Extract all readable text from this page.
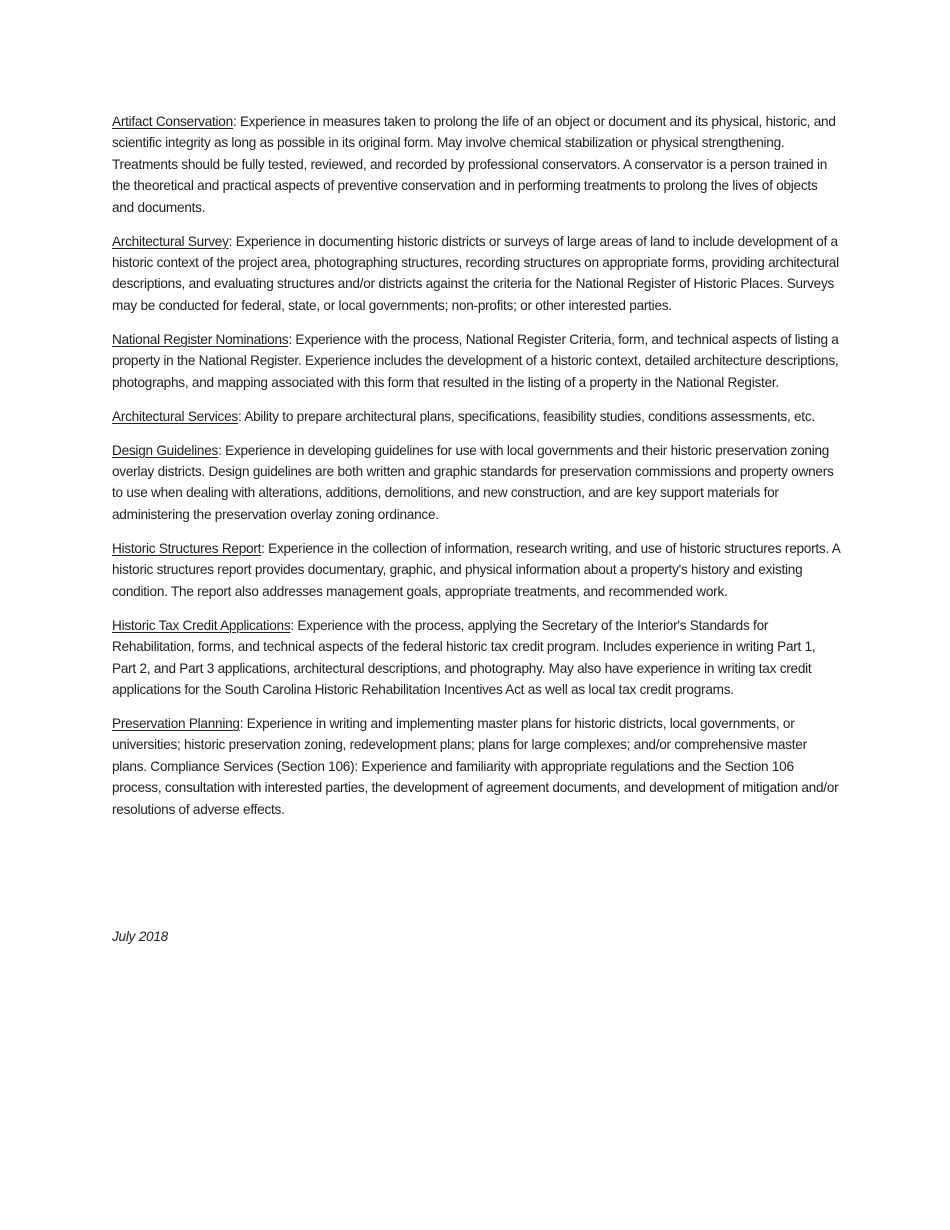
Artifact Conservation: Experience in measures taken to prolong the life of an object or document and its physical, historic, and scientific integrity as long as possible in its original form. May involve chemical stabilization or physical strengthening. Treatments should be fully tested, reviewed, and recorded by professional conservators. A conservator is a person trained in the theoretical and practical aspects of preventive conservation and in performing treatments to prolong the lives of objects and documents.

Architectural Survey: Experience in documenting historic districts or surveys of large areas of land to include development of a historic context of the project area, photographing structures, recording structures on appropriate forms, providing architectural descriptions, and evaluating structures and/or districts against the criteria for the National Register of Historic Places. Surveys may be conducted for federal, state, or local governments; non-profits; or other interested parties.

National Register Nominations: Experience with the process, National Register Criteria, form, and technical aspects of listing a property in the National Register. Experience includes the development of a historic context, detailed architecture descriptions, photographs, and mapping associated with this form that resulted in the listing of a property in the National Register.

Architectural Services: Ability to prepare architectural plans, specifications, feasibility studies, conditions assessments, etc.

Design Guidelines: Experience in developing guidelines for use with local governments and their historic preservation zoning overlay districts. Design guidelines are both written and graphic standards for preservation commissions and property owners to use when dealing with alterations, additions, demolitions, and new construction, and are key support materials for administering the preservation overlay zoning ordinance.

Historic Structures Report: Experience in the collection of information, research writing, and use of historic structures reports. A historic structures report provides documentary, graphic, and physical information about a property's history and existing condition. The report also addresses management goals, appropriate treatments, and recommended work.

Historic Tax Credit Applications: Experience with the process, applying the Secretary of the Interior's Standards for Rehabilitation, forms, and technical aspects of the federal historic tax credit program. Includes experience in writing Part 1, Part 2, and Part 3 applications, architectural descriptions, and photography. May also have experience in writing tax credit applications for the South Carolina Historic Rehabilitation Incentives Act as well as local tax credit programs.

Preservation Planning: Experience in writing and implementing master plans for historic districts, local governments, or universities; historic preservation zoning, redevelopment plans; plans for large complexes; and/or comprehensive master plans. Compliance Services (Section 106): Experience and familiarity with appropriate regulations and the Section 106 process, consultation with interested parties, the development of agreement documents, and development of mitigation and/or resolutions of adverse effects.

July 2018
